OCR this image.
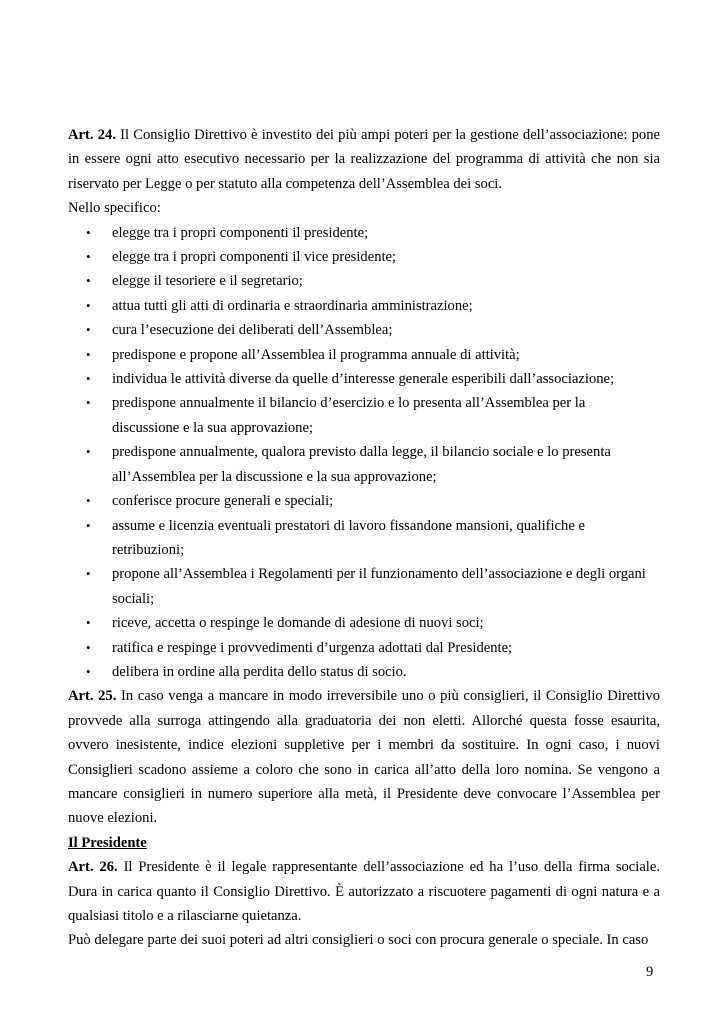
Art. 24. Il Consiglio Direttivo è investito dei più ampi poteri per la gestione dell’associazione: pone in essere ogni atto esecutivo necessario per la realizzazione del programma di attività che non sia riservato per Legge o per statuto alla competenza dell’Assemblea dei soci.

Nello specifico:

• elegge tra i propri componenti il presidente;
• elegge tra i propri componenti il vice presidente;
• elegge il tesoriere e il segretario;
• attua tutti gli atti di ordinaria e straordinaria amministrazione;
• cura l’esecuzione dei deliberati dell’Assemblea;
• predispone e propone all’Assemblea il programma annuale di attività;
• individua le attività diverse da quelle d’interesse generale esperibili dall’associazione;
• predispone annualmente il bilancio d’esercizio e lo presenta all’Assemblea per la discussione e la sua approvazione;
• predispone annualmente, qualora previsto dalla legge, il bilancio sociale e lo presenta all’Assemblea per la discussione e la sua approvazione;
• conferisce procure generali e speciali;
• assume e licenzia eventuali prestatori di lavoro fissandone mansioni, qualifiche e retribuzioni;
• propone all’Assemblea i Regolamenti per il funzionamento dell’associazione e degli organi sociali;
• riceve, accetta o respinge le domande di adesione di nuovi soci;
• ratifica e respinge i provvedimenti d’urgenza adottati dal Presidente;
• delibera in ordine alla perdita dello status di socio.

Art. 25. In caso venga a mancare in modo irreversibile uno o più consiglieri, il Consiglio Direttivo provvede alla surroga attingendo alla graduatoria dei non eletti. Allorché questa fosse esaurita, ovvero inesistente, indice elezioni suppletive per i membri da sostituire. In ogni caso, i nuovi Consiglieri scadono assieme a coloro che sono in carica all’atto della loro nomina. Se vengono a mancare consiglieri in numero superiore alla metà, il Presidente deve convocare l’Assemblea per nuove elezioni.

Il Presidente

Art. 26. Il Presidente è il legale rappresentante dell’associazione ed ha l’uso della firma sociale. Dura in carica quanto il Consiglio Direttivo. È autorizzato a riscuotere pagamenti di ogni natura e a qualsiasi titolo e a rilasciarne quietanza.

Può delegare parte dei suoi poteri ad altri consiglieri o soci con procura generale o speciale. In caso

9
